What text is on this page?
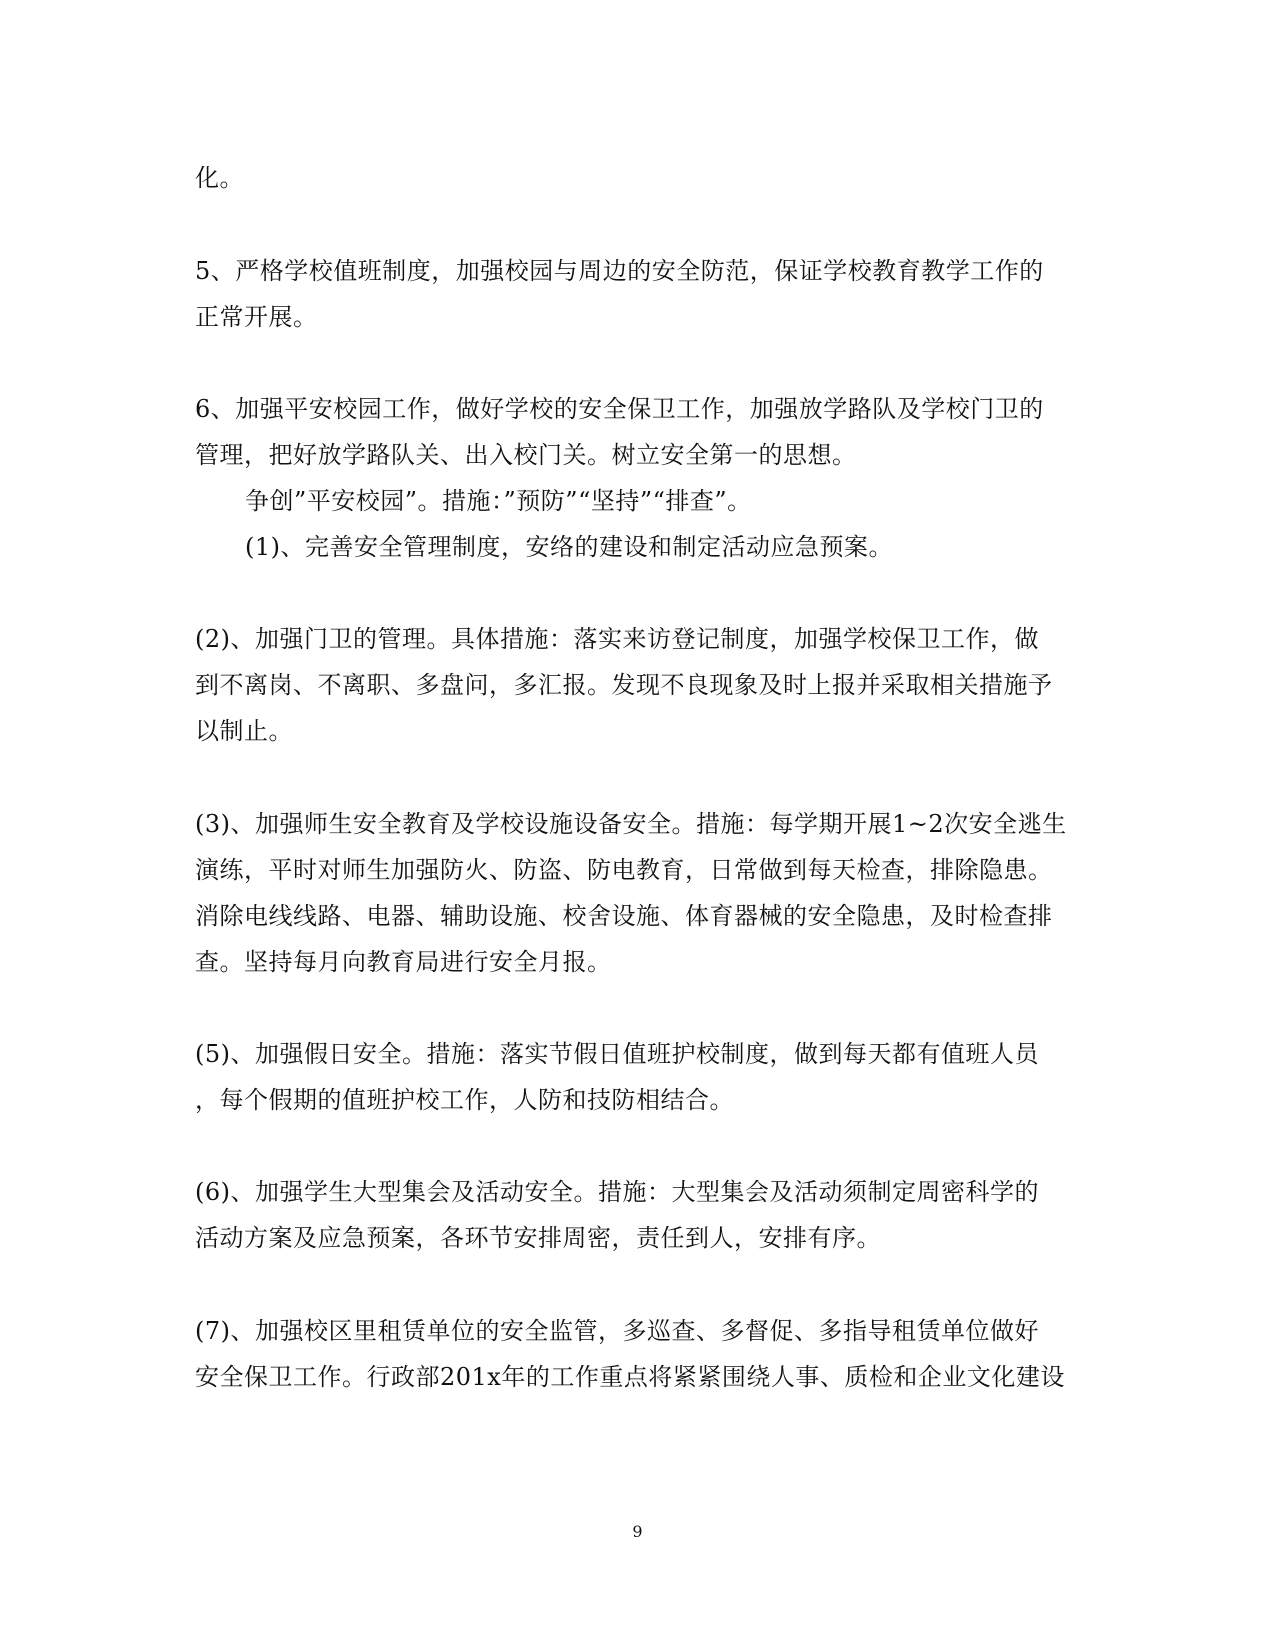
化。
5、严格学校值班制度，加强校园与周边的安全防范，保证学校教育教学工作的
正常开展。
6、加强平安校园工作，做好学校的安全保卫工作，加强放学路队及学校门卫的
管理，把好放学路队关、出入校门关。树立安全第一的思想。
争创”平安校园”。措施：”预防”“坚持”“排查”。
(1)、完善安全管理制度，安络的建设和制定活动应急预案。
(2)、加强门卫的管理。具体措施：落实来访登记制度，加强学校保卫工作，做
到不离岗、不离职、多盘问，多汇报。发现不良现象及时上报并采取相关措施予
以制止。
(3)、加强师生安全教育及学校设施设备安全。措施：每学期开展1~2次安全逃生
演练，平时对师生加强防火、防盗、防电教育，日常做到每天检查，排除隐患。
消除电线线路、电器、辅助设施、校舍设施、体育器械的安全隐患，及时检查排
查。坚持每月向教育局进行安全月报。
(5)、加强假日安全。措施：落实节假日值班护校制度，做到每天都有值班人员
，每个假期的值班护校工作，人防和技防相结合。
(6)、加强学生大型集会及活动安全。措施：大型集会及活动须制定周密科学的
活动方案及应急预案，各环节安排周密，责任到人，安排有序。
(7)、加强校区里租赁单位的安全监管，多巡查、多督促、多指导租赁单位做好
安全保卫工作。行政部201x年的工作重点将紧紧围绕人事、质检和企业文化建设
9
